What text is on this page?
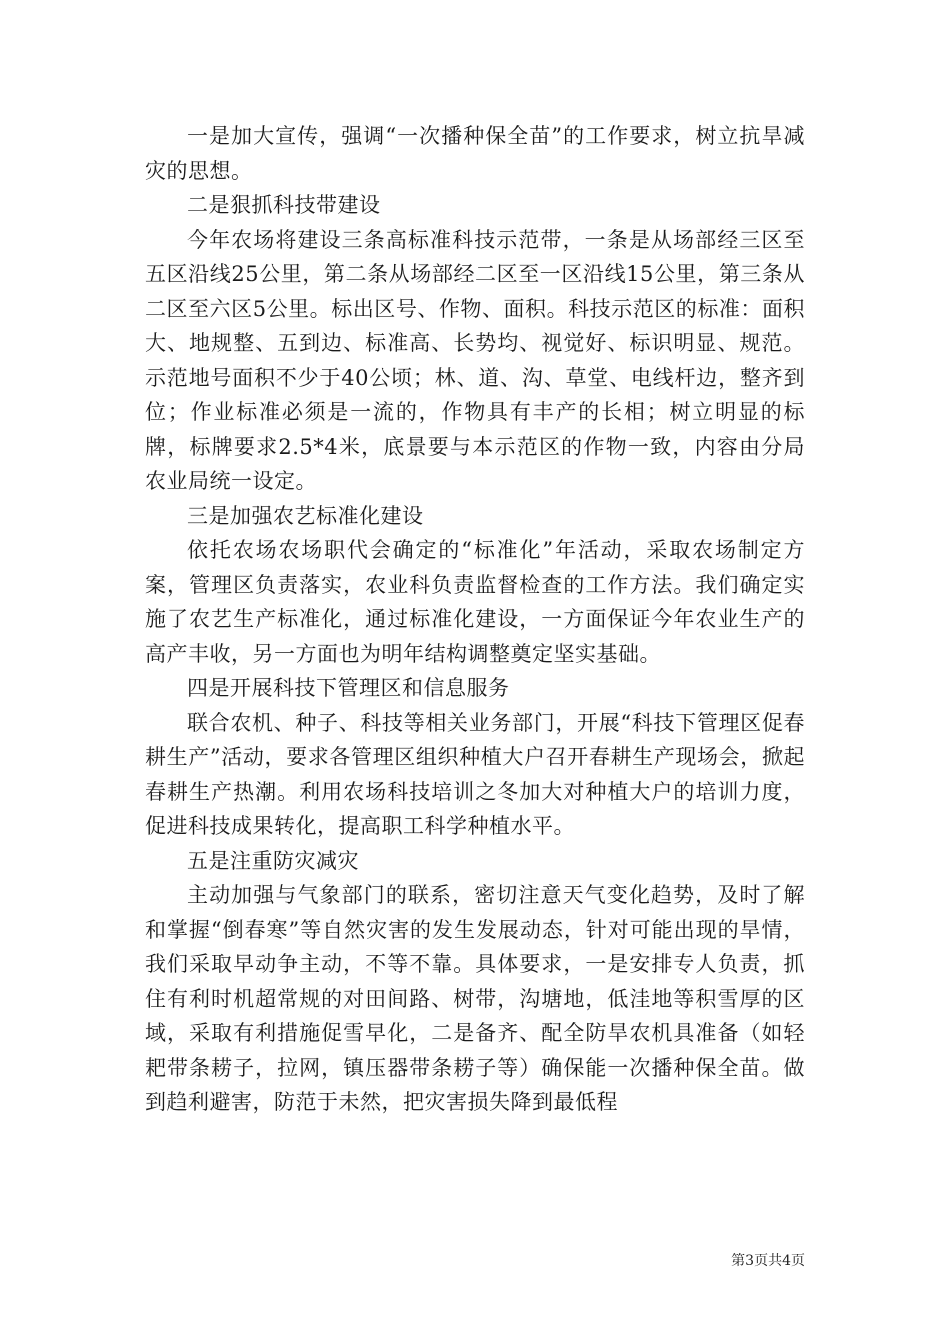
一是加大宣传，强调“一次播种保全苗”的工作要求，树立抗旱减灾的思想。

二是狠抓科技带建设

今年农场将建设三条高标准科技示范带，一条是从场部经三区至五区沿线25公里，第二条从场部经二区至一区沿线15公里，第三条从二区至六区5公里。标出区号、作物、面积。科技示范区的标准：面积大、地规整、五到边、标准高、长势均、视觉好、标识明显、规范。示范地号面积不少于40公顷；林、道、沟、草堂、电线杆边，整齐到位；作业标准必须是一流的，作物具有丰产的长相；树立明显的标牌，标牌要求2.5*4米，底景要与本示范区的作物一致，内容由分局农业局统一设定。

三是加强农艺标准化建设

依托农场农场职代会确定的“标准化”年活动，采取农场制定方案，管理区负责落实，农业科负责监督检查的工作方法。我们确定实施了农艺生产标准化，通过标准化建设，一方面保证今年农业生产的高产丰收，另一方面也为明年结构调整奠定坚实基础。

四是开展科技下管理区和信息服务

联合农机、种子、科技等相关业务部门，开展“科技下管理区促春耕生产”活动，要求各管理区组织种植大户召开春耕生产现场会，掀起春耕生产热潮。利用农场科技培训之冬加大对种植大户的培训力度，促进科技成果转化，提高职工科学种植水平。

五是注重防灾减灾

主动加强与气象部门的联系，密切注意天气变化趋势，及时了解和掌握“倒春寒”等自然灾害的发生发展动态，针对可能出现的旱情，我们采取早动争主动，不等不靠。具体要求，一是安排专人负责，抓住有利时机超常规的对田间路、树带，沟塘地，低洼地等积雪厚的区域，采取有利措施促雪早化，二是备齐、配全防旱农机具准备（如轻耙带条耢子，拉网，镇压器带条耢子等）确保能一次播种保全苗。做到趋利避害，防范于未然，把灾害损失降到最低程

第3页共4页
